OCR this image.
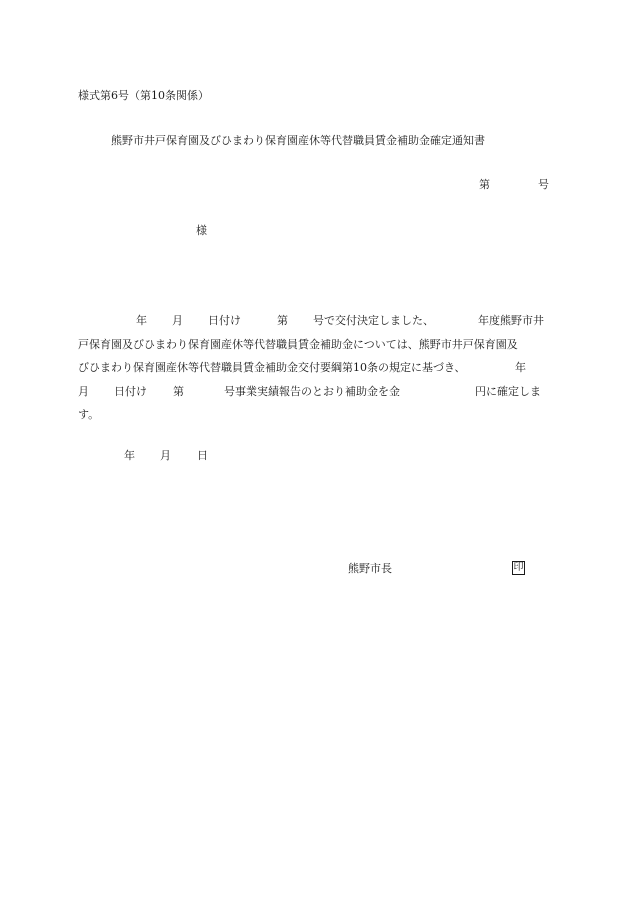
様式第6号（第10条関係）
熊野市井戸保育園及びひまわり保育園産休等代替職員賃金補助金確定通知書
第	号
様
年 月 日付け	第 号で交付決定しました、	年度熊野市井
戸保育園及びひまわり保育園産休等代替職員賃金補助金については、熊野市井戸保育園及
びひまわり保育園産休等代替職員賃金補助金交付要綱第10条の規定に基づき、	年
月 日付け 第	号事業実績報告のとおり補助金を金	円に確定しま
す。
年 月 日
熊野市長	印
